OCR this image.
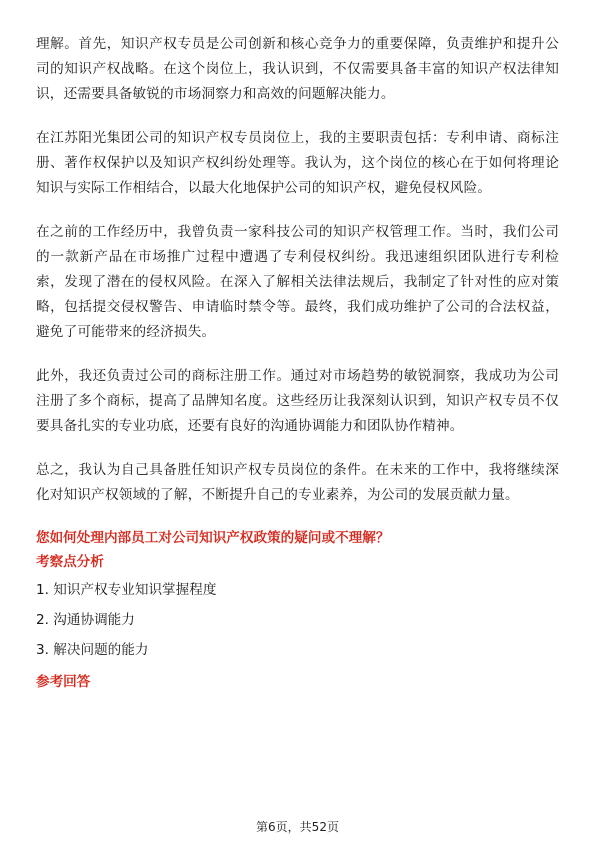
理解。首先，知识产权专员是公司创新和核心竞争力的重要保障，负责维护和提升公司的知识产权战略。在这个岗位上，我认识到，不仅需要具备丰富的知识产权法律知识，还需要具备敏锐的市场洞察力和高效的问题解决能力。

在江苏阳光集团公司的知识产权专员岗位上，我的主要职责包括：专利申请、商标注册、著作权保护以及知识产权纠纷处理等。我认为，这个岗位的核心在于如何将理论知识与实际工作相结合，以最大化地保护公司的知识产权，避免侵权风险。

在之前的工作经历中，我曾负责一家科技公司的知识产权管理工作。当时，我们公司的一款新产品在市场推广过程中遭遇了专利侵权纠纷。我迅速组织团队进行专利检索，发现了潜在的侵权风险。在深入了解相关法律法规后，我制定了针对性的应对策略，包括提交侵权警告、申请临时禁令等。最终，我们成功维护了公司的合法权益，避免了可能带来的经济损失。

此外，我还负责过公司的商标注册工作。通过对市场趋势的敏锐洞察，我成功为公司注册了多个商标，提高了品牌知名度。这些经历让我深刻认识到，知识产权专员不仅要具备扎实的专业功底，还要有良好的沟通协调能力和团队协作精神。

总之，我认为自己具备胜任知识产权专员岗位的条件。在未来的工作中，我将继续深化对知识产权领域的了解，不断提升自己的专业素养，为公司的发展贡献力量。

您如何处理内部员工对公司知识产权政策的疑问或不理解？
考察点分析
1. 知识产权专业知识掌握程度
2. 沟通协调能力
3. 解决问题的能力
参考回答
第6页，共52页
